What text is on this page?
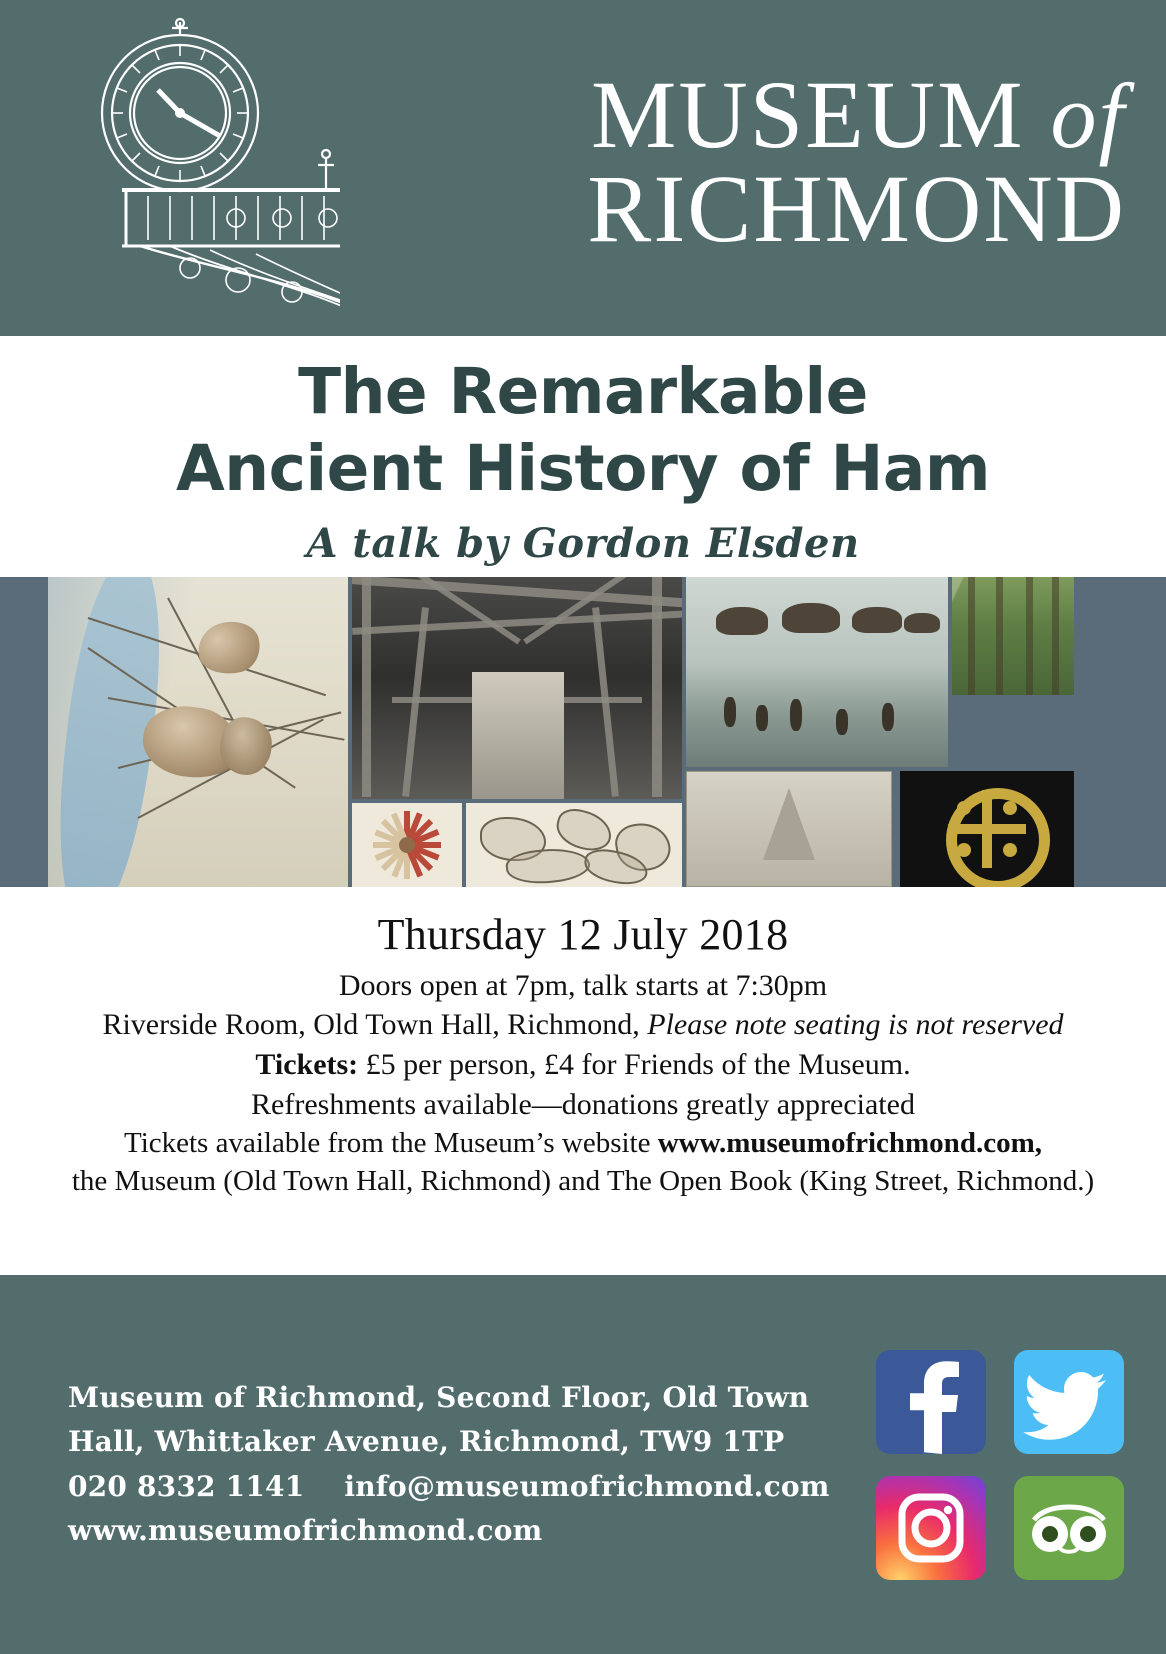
MUSEUM of
RICHMOND
The Remarkable
Ancient History of Ham
A talk by Gordon Elsden
Thursday 12 July 2018
Doors open at 7pm, talk starts at 7:30pm
Riverside Room, Old Town Hall, Richmond, Please note seating is not reserved
Tickets: £5 per person, £4 for Friends of the Museum.
Refreshments available—donations greatly appreciated
Tickets available from the Museum’s website www.museumofrichmond.com,
the Museum (Old Town Hall, Richmond) and The Open Book (King Street, Richmond.)
Museum of Richmond, Second Floor, Old Town
Hall, Whittaker Avenue, Richmond, TW9 1TP
020 8332 1141 info@museumofrichmond.com
www.museumofrichmond.com
